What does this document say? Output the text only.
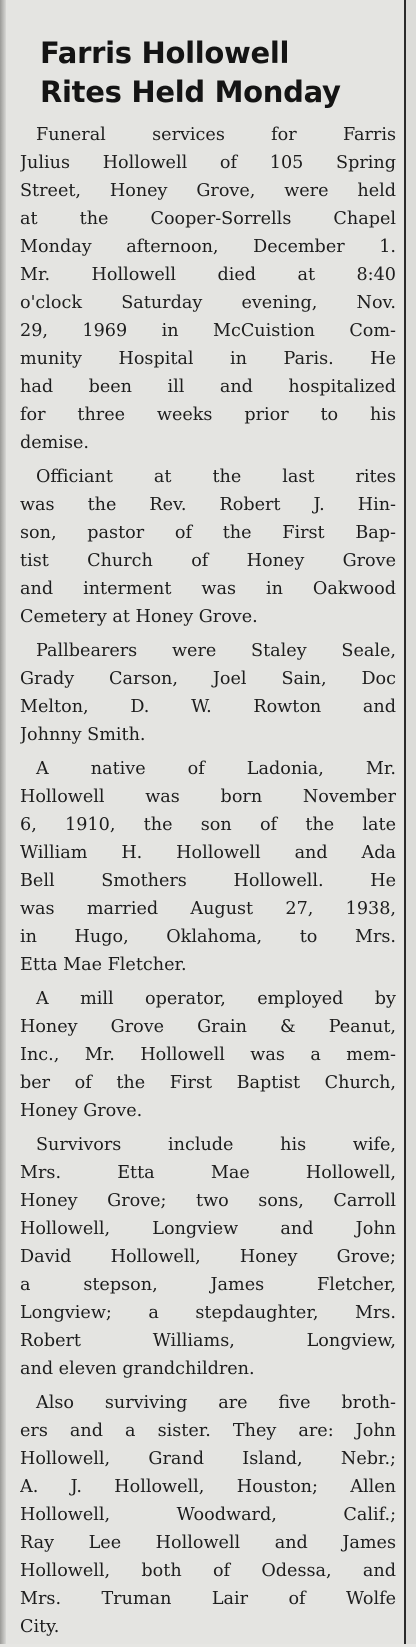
Farris Hollowell
Rites Held Monday
Funeral services for Farris
Julius Hollowell of 105 Spring
Street, Honey Grove, were held
at the Cooper-Sorrells Chapel
Monday afternoon, December 1.
Mr. Hollowell died at 8:40
o'clock Saturday evening, Nov.
29, 1969 in McCuistion Com-
munity Hospital in Paris. He
had been ill and hospitalized
for three weeks prior to his
demise.
Officiant at the last rites
was the Rev. Robert J. Hin-
son, pastor of the First Bap-
tist Church of Honey Grove
and interment was in Oakwood
Cemetery at Honey Grove.
Pallbearers were Staley Seale,
Grady Carson, Joel Sain, Doc
Melton, D. W. Rowton and
Johnny Smith.
A native of Ladonia, Mr.
Hollowell was born November
6, 1910, the son of the late
William H. Hollowell and Ada
Bell Smothers Hollowell. He
was married August 27, 1938,
in Hugo, Oklahoma, to Mrs.
Etta Mae Fletcher.
A mill operator, employed by
Honey Grove Grain & Peanut,
Inc., Mr. Hollowell was a mem-
ber of the First Baptist Church,
Honey Grove.
Survivors include his wife,
Mrs. Etta Mae Hollowell,
Honey Grove; two sons, Carroll
Hollowell, Longview and John
David Hollowell, Honey Grove;
a stepson, James Fletcher,
Longview; a stepdaughter, Mrs.
Robert Williams, Longview,
and eleven grandchildren.
Also surviving are five broth-
ers and a sister. They are: John
Hollowell, Grand Island, Nebr.;
A. J. Hollowell, Houston; Allen
Hollowell, Woodward, Calif.;
Ray Lee Hollowell and James
Hollowell, both of Odessa, and
Mrs. Truman Lair of Wolfe
City.
